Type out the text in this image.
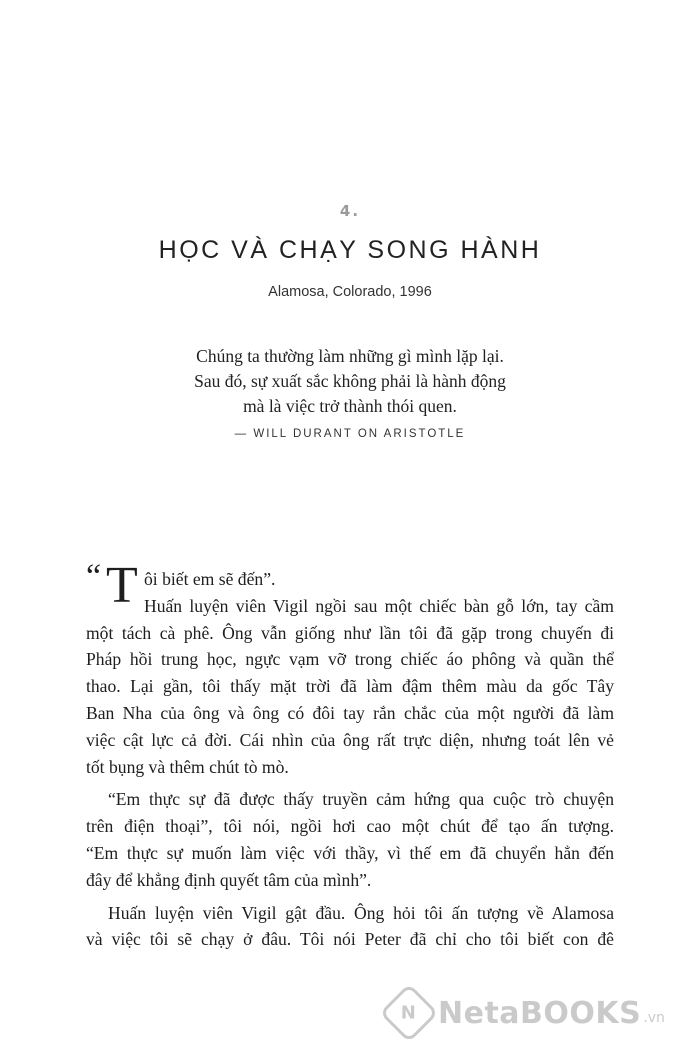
4.
HỌC VÀ CHẠY SONG HÀNH
Alamosa, Colorado, 1996
Chúng ta thường làm những gì mình lặp lại.
Sau đó, sự xuất sắc không phải là hành động
mà là việc trở thành thói quen.
— WILL DURANT ON ARISTOTLE
“ T ôi biết em sẽ đến”.

Huấn luyện viên Vigil ngồi sau một chiếc bàn gỗ lớn, tay cầm
một tách cà phê. Ông vẫn giống như lần tôi đã gặp trong chuyến đi
Pháp hồi trung học, ngực vạm vỡ trong chiếc áo phông và quần thể
thao. Lại gần, tôi thấy mặt trời đã làm đậm thêm màu da gốc Tây
Ban Nha của ông và ông có đôi tay rắn chắc của một người đã làm
việc cật lực cả đời. Cái nhìn của ông rất trực diện, nhưng toát lên vẻ
tốt bụng và thêm chút tò mò.

“Em thực sự đã được thấy truyền cảm hứng qua cuộc trò chuyện
trên điện thoại”, tôi nói, ngồi hơi cao một chút để tạo ấn tượng.
“Em thực sự muốn làm việc với thầy, vì thế em đã chuyển hẳn đến
đây để khẳng định quyết tâm của mình”.

Huấn luyện viên Vigil gật đầu. Ông hỏi tôi ấn tượng về Alamosa
và việc tôi sẽ chạy ở đâu. Tôi nói Peter đã chỉ cho tôi biết con đê

N NetaBOOKS .vn
